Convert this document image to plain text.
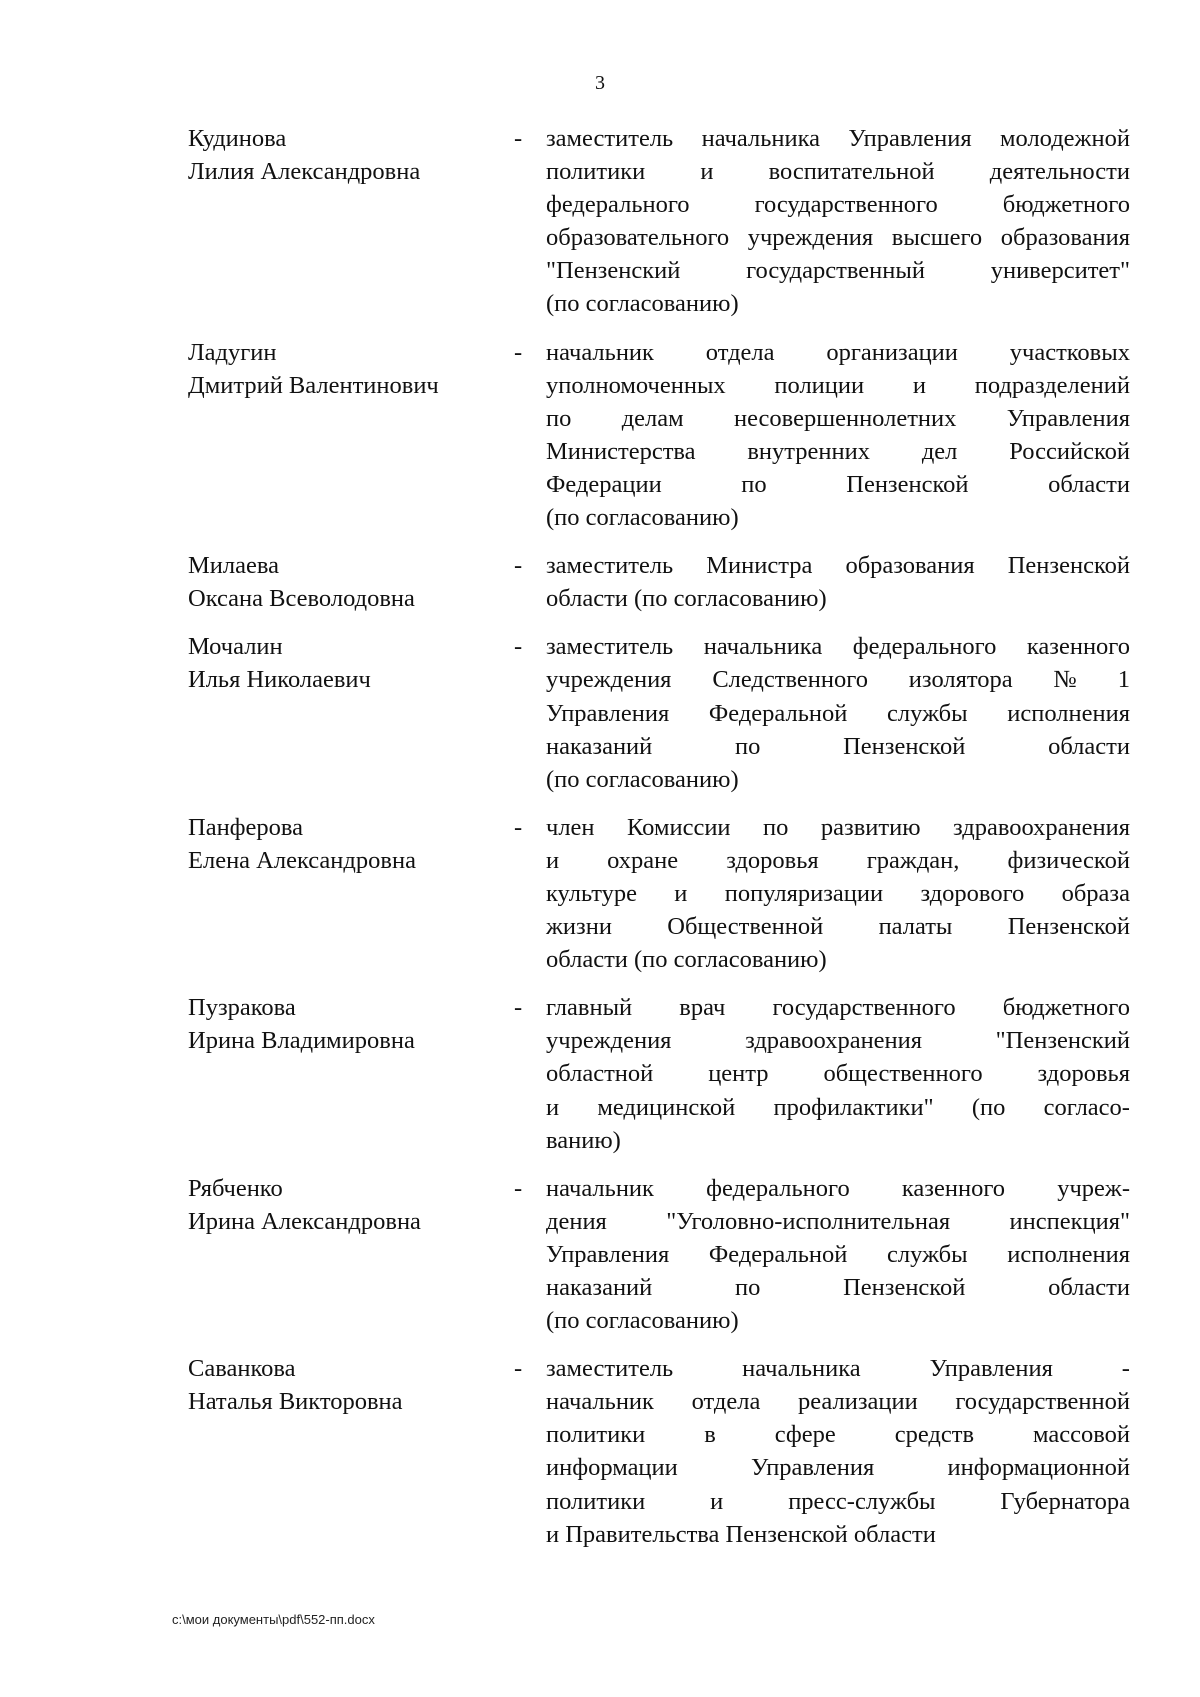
3
Кудинова
Лилия Александровна
- заместитель начальника Управления молодежной
политики и воспитательной деятельности
федерального	государственного	бюджетного
образовательного учреждения высшего образования
"Пензенский	государственный	университет"
(по согласованию)
Ладугин
Дмитрий Валентинович
- начальник отдела организации участковых
уполномоченных полиции и подразделений
по делам несовершеннолетних Управления
Министерства внутренних дел Российской
Федерации	по	Пензенской	области
(по согласованию)
Милаева
Оксана Всеволодовна
- заместитель Министра образования Пензенской
области (по согласованию)
Мочалин
Илья Николаевич
- заместитель начальника федерального казенного
учреждения Следственного изолятора № 1
Управления Федеральной службы исполнения
наказаний	по	Пензенской	области
(по согласованию)
Панферова
Елена Александровна
- член Комиссии по развитию здравоохранения
и охране здоровья граждан, физической
культуре и популяризации здорового образа
жизни Общественной палаты Пензенской
области (по согласованию)
Пузракова
Ирина Владимировна
- главный врач государственного бюджетного
учреждения	здравоохранения	"Пензенский
областной центр общественного здоровья
и медицинской профилактики" (по согласо-
ванию)
Рябченко
Ирина Александровна
- начальник федерального казенного учреж-
дения "Уголовно-исполнительная инспекция"
Управления Федеральной службы исполнения
наказаний	по	Пензенской	области
(по согласованию)
Саванкова
Наталья Викторовна
- заместитель	начальника	Управления	-
начальник отдела реализации государственной
политики в сфере средств массовой
информации	Управления	информационной
политики	и	пресс-службы	Губернатора
и Правительства Пензенской области
c:\мои документы\pdf\552-пп.docx
